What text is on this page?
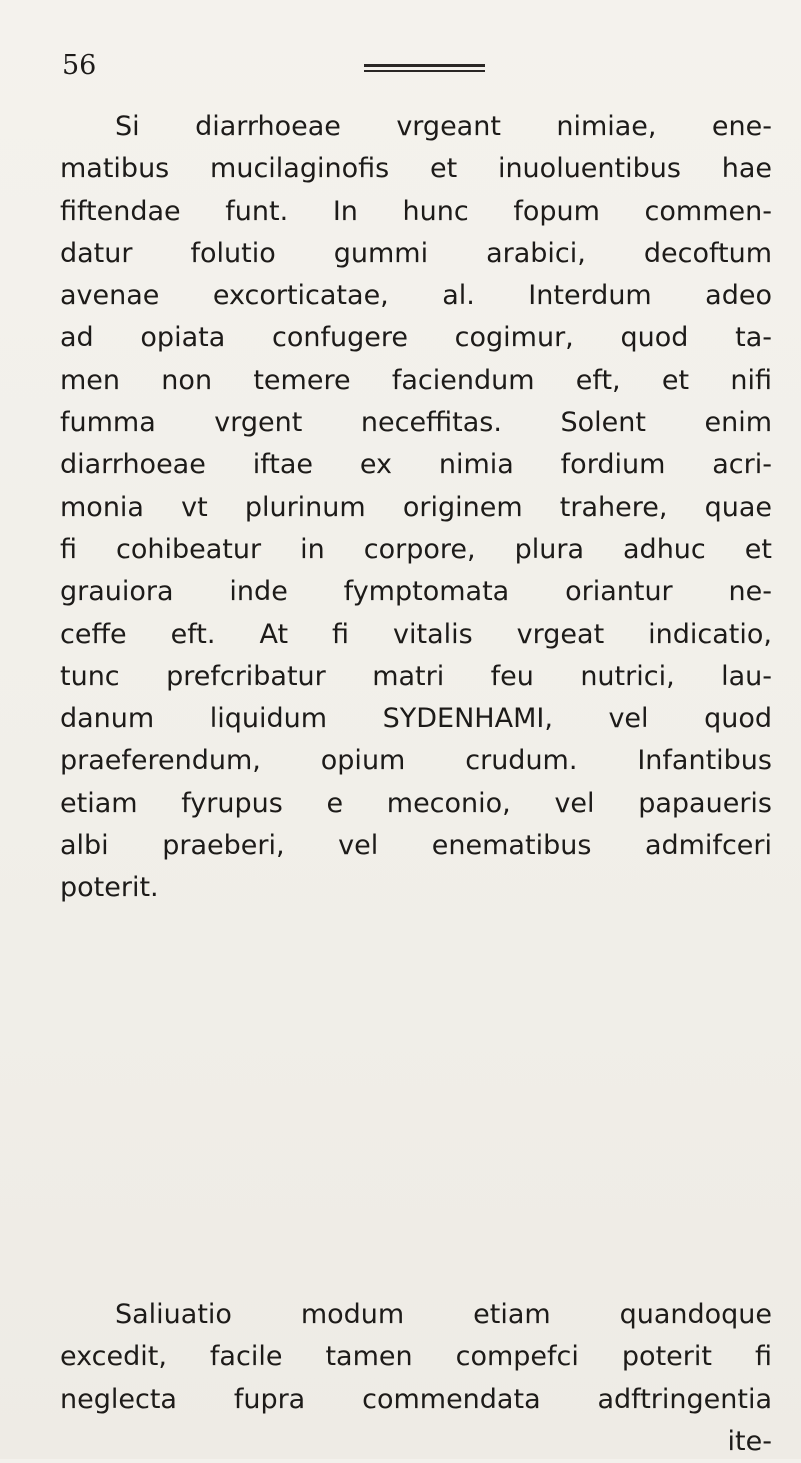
56
Si diarrhoeae vrgeant nimiae, ene-
matibus mucilaginofis et inuoluentibus hae
fiftendae funt. In hunc fopum commen-
datur folutio gummi arabici, decoftum
avenae excorticatae, al. Interdum adeo
ad opiata confugere cogimur, quod ta-
men non temere faciendum eft, et nifi
fumma vrgent neceffitas. Solent enim
diarrhoeae iftae ex nimia fordium acri-
monia vt plurinum originem trahere, quae
fi cohibeatur in corpore, plura adhuc et
grauiora inde fymptomata oriantur ne-
ceffe eft. At fi vitalis vrgeat indicatio,
tunc prefcribatur matri feu nutrici, lau-
danum liquidum SYDENHAMI, vel quod
praeferendum, opium crudum. Infantibus
etiam fyrupus e meconio, vel papaueris
albi praeberi, vel enematibus admifceri
poterit.
Saliuatio modum etiam quandoque
excedit, facile tamen compefci poterit fi
neglecta fupra commendata adftringentia
ite-
